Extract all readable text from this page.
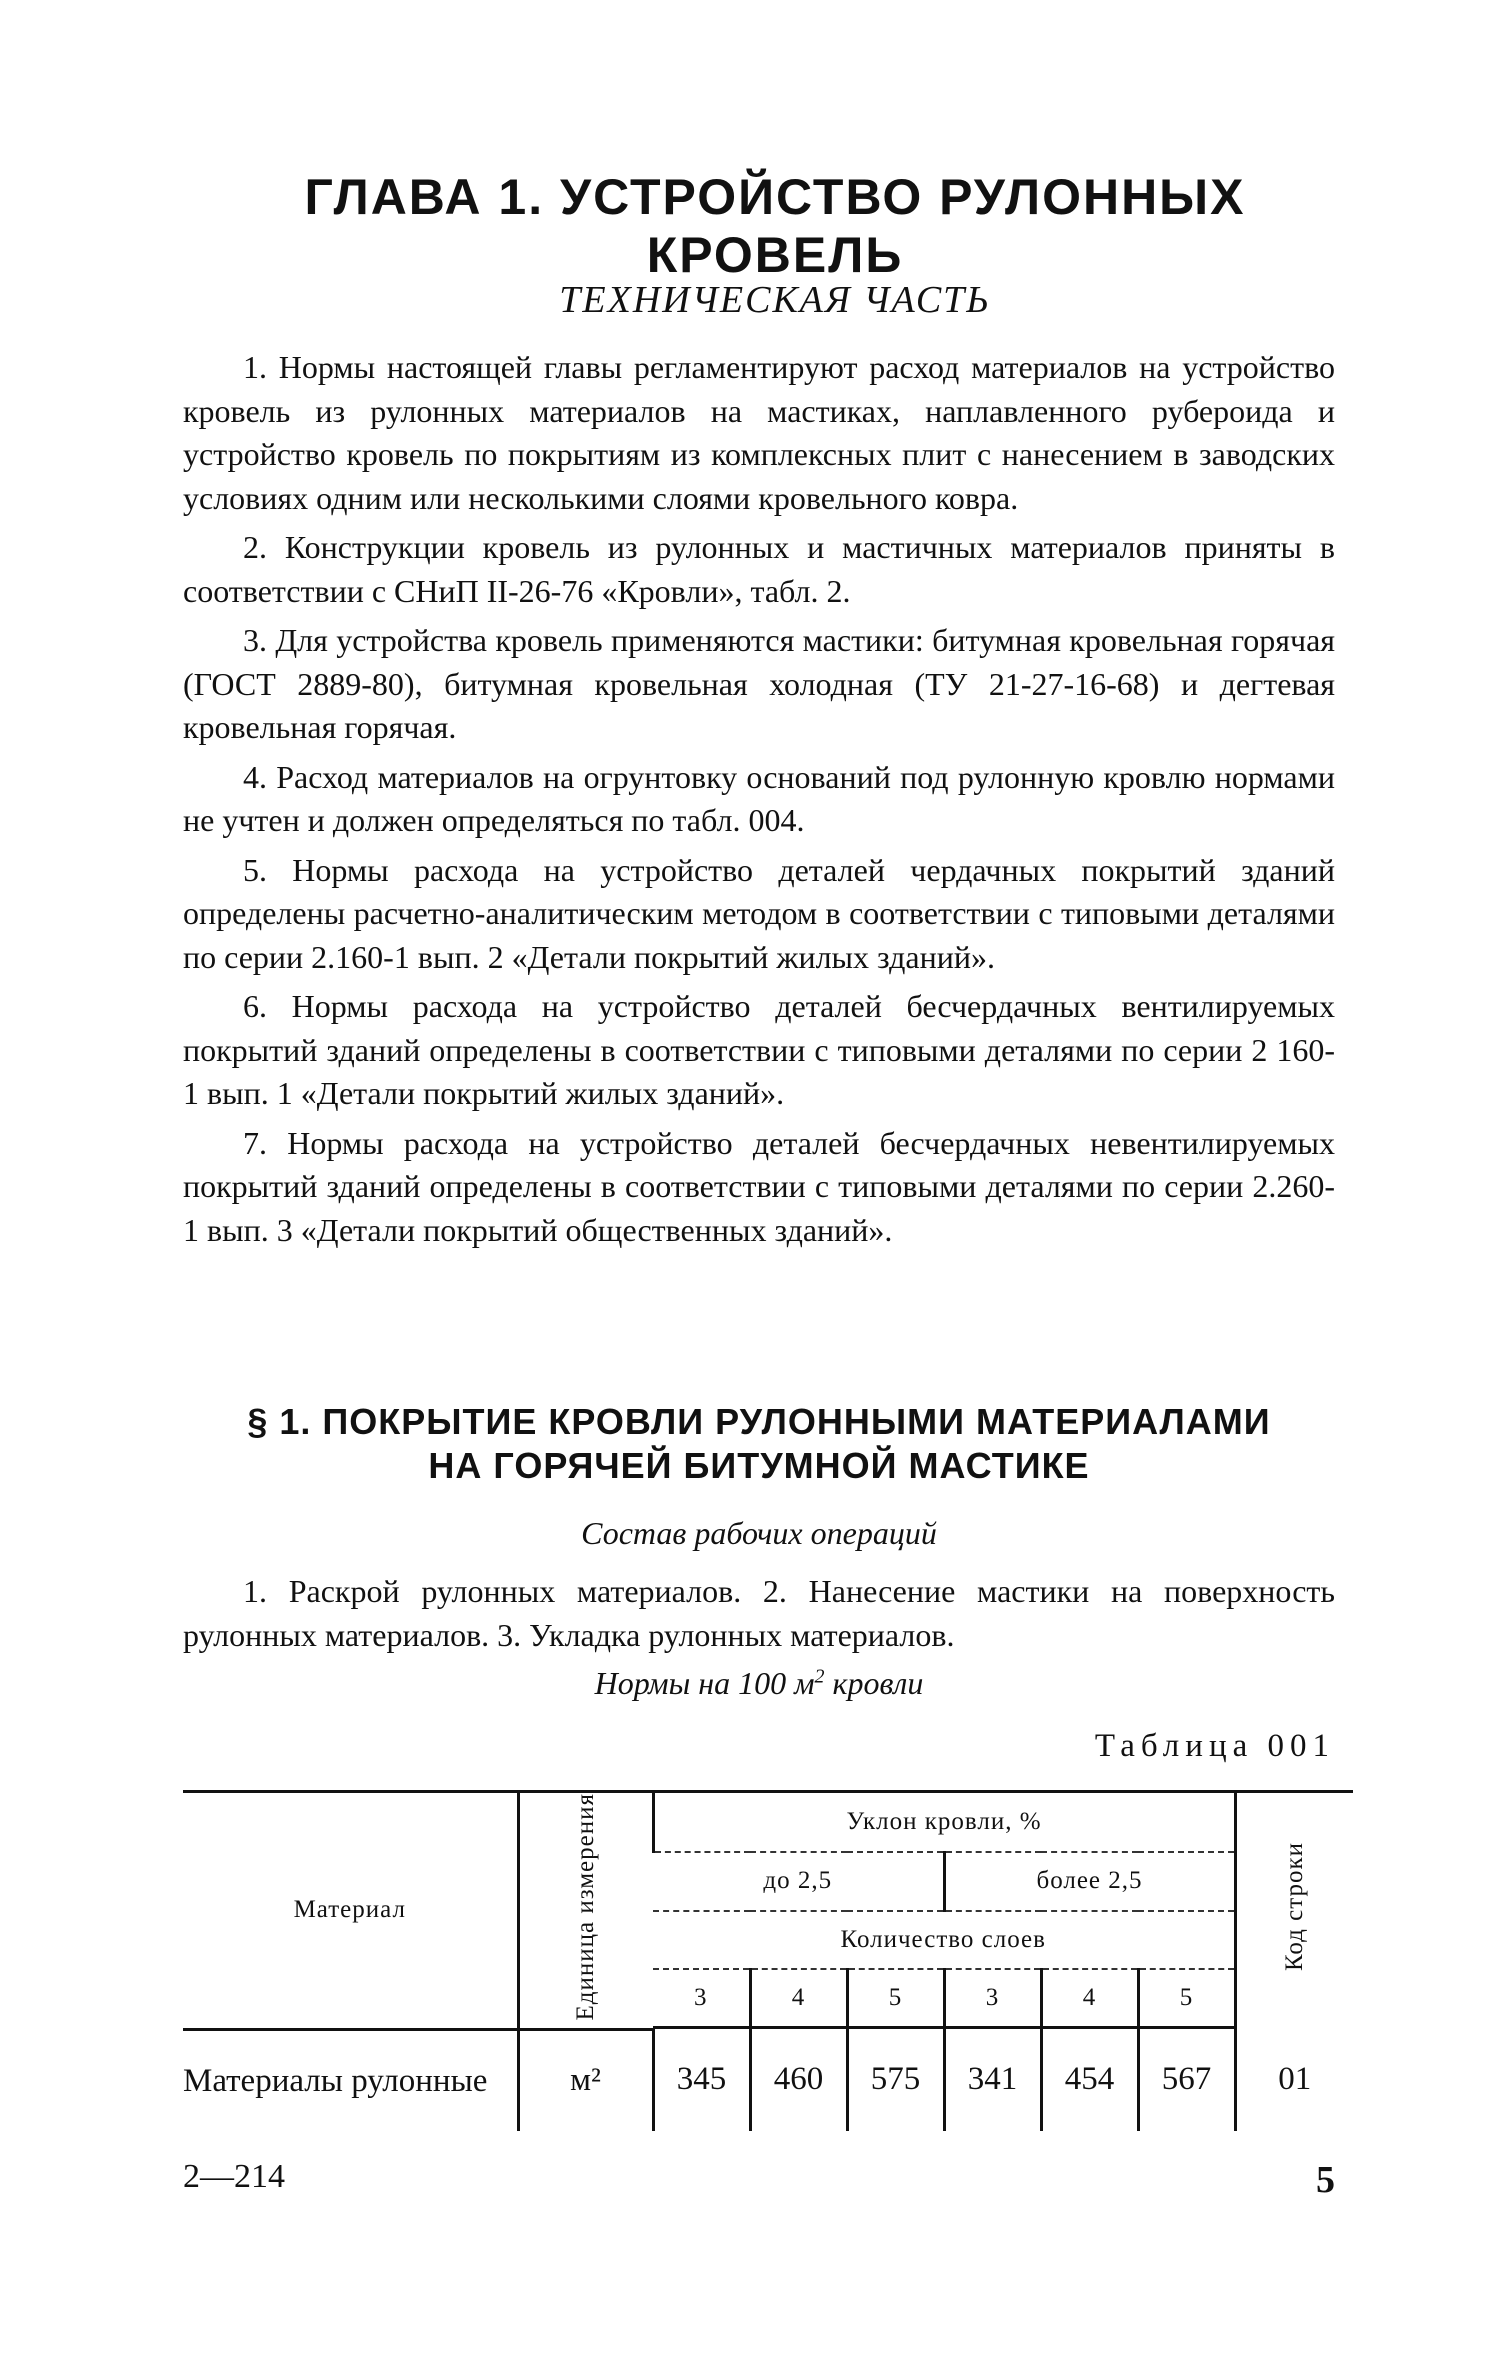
ГЛАВА 1. УСТРОЙСТВО РУЛОННЫХ КРОВЕЛЬ
ТЕХНИЧЕСКАЯ ЧАСТЬ

1. Нормы настоящей главы регламентируют расход материалов на устройство кровель из рулонных материалов на мастиках, наплавленного рубероида и устройство кровель по покрытиям из комплексных плит с нанесением в заводских условиях одним или несколькими слоями кровельного ковра.

2. Конструкции кровель из рулонных и мастичных материалов приняты в соответствии с СНиП II-26-76 «Кровли», табл. 2.

3. Для устройства кровель применяются мастики: битумная кровельная горячая (ГОСТ 2889-80), битумная кровельная холодная (ТУ 21-27-16-68) и дегтевая кровельная горячая.

4. Расход материалов на огрунтовку оснований под рулонную кровлю нормами не учтен и должен определяться по табл. 004.

5. Нормы расхода на устройство деталей чердачных покрытий зданий определены расчетно-аналитическим методом в соответствии с типовыми деталями по серии 2.160-1 вып. 2 «Детали покрытий жилых зданий».

6. Нормы расхода на устройство деталей бесчердачных вентилируемых покрытий зданий определены в соответствии с типовыми деталями по серии 2 160-1 вып. 1 «Детали покрытий жилых зданий».

7. Нормы расхода на устройство деталей бесчердачных невентилируемых покрытий зданий определены в соответствии с типовыми деталями по серии 2.260-1 вып. 3 «Детали покрытий общественных зданий».

§ 1. ПОКРЫТИЕ КРОВЛИ РУЛОННЫМИ МАТЕРИАЛАМИ
НА ГОРЯЧЕЙ БИТУМНОЙ МАСТИКЕ
Состав рабочих операций

1. Раскрой рулонных материалов. 2. Нанесение мастики на поверхность рулонных материалов. 3. Укладка рулонных материалов.

Нормы на 100 $м^2$ кровли
Таблица 001
Материал	Единица измерения	Уклон кровли, %						Код строки
		до 2,5			более 2,5			
		Количество слоев						
		3	4	5	3	4	5	

Материалы рулонные	м²	345	460	575	341	454	567	01
2—214	5
